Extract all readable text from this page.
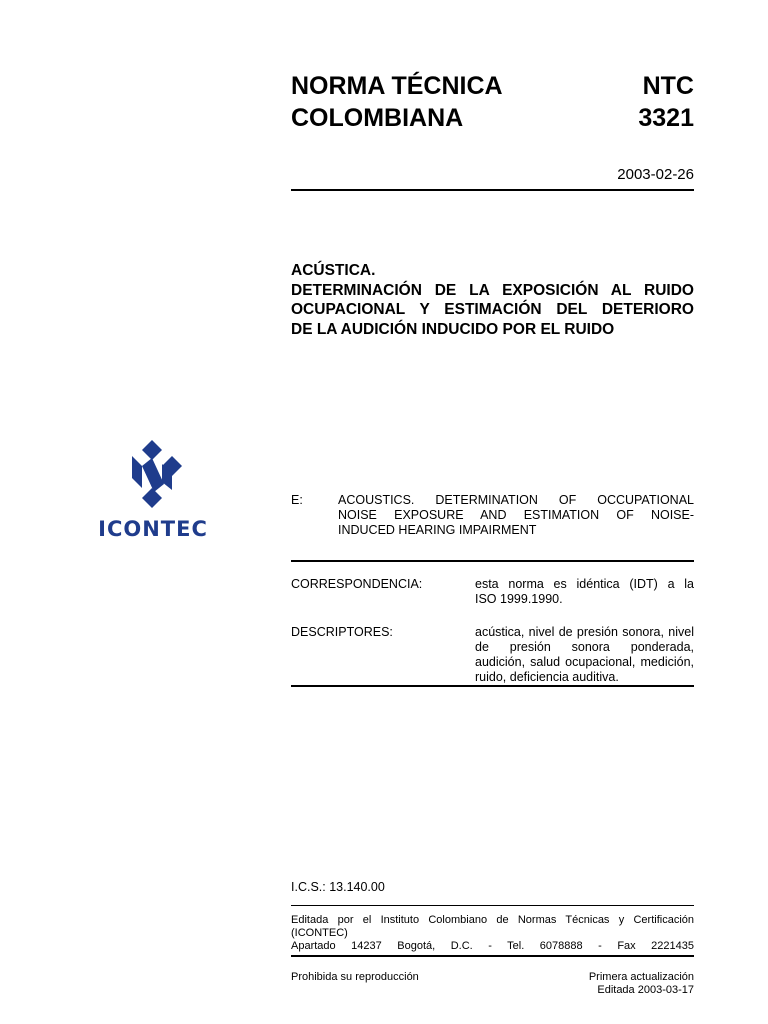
NORMA TÉCNICA
COLOMBIANA
NTC
3321
2003-02-26
ACÚSTICA.
DETERMINACIÓN DE LA EXPOSICIÓN AL RUIDO
OCUPACIONAL Y ESTIMACIÓN DEL DETERIORO
DE LA AUDICIÓN INDUCIDO POR EL RUIDO
ICONTEC
E:	ACOUSTICS. DETERMINATION OF OCCUPATIONAL
NOISE EXPOSURE AND ESTIMATION OF NOISE-
INDUCED HEARING IMPAIRMENT
CORRESPONDENCIA:	esta norma es idéntica (IDT) a la
ISO 1999.1990.
DESCRIPTORES:	acústica, nivel de presión sonora, nivel
de presión sonora ponderada,
audición, salud ocupacional, medición,
ruido, deficiencia auditiva.
I.C.S.: 13.140.00
Editada por el Instituto Colombiano de Normas Técnicas y Certificación (ICONTEC)
Apartado 14237 Bogotá, D.C. - Tel. 6078888 - Fax 2221435
Prohibida su reproducción	Primera actualización
Editada 2003-03-17
